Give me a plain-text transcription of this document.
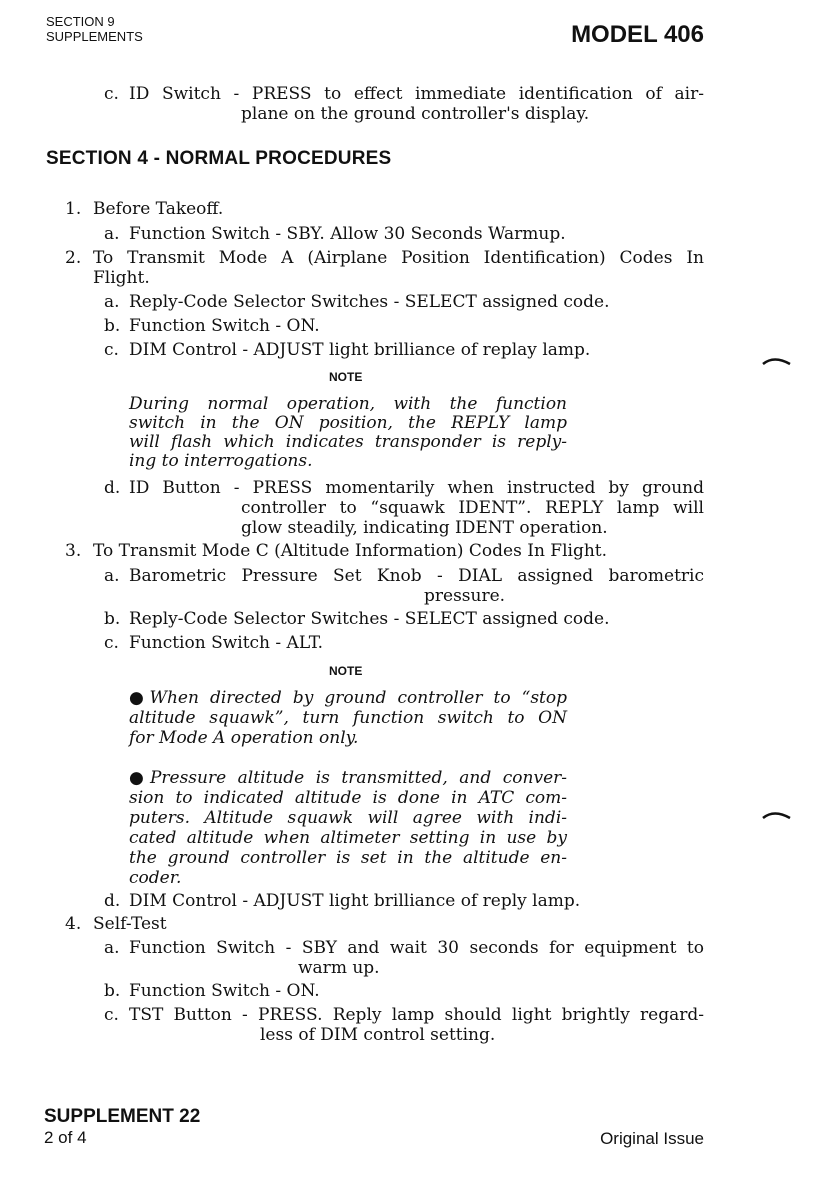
SECTION 9
SUPPLEMENTS	MODEL 406
c. ID Switch - PRESS to effect immediate identification of air-
plane on the ground controller's display.
SECTION 4 - NORMAL PROCEDURES
1. Before Takeoff.
a. Function Switch - SBY. Allow 30 Seconds Warmup.
2. To Transmit Mode A (Airplane Position Identification) Codes In
Flight.
a. Reply-Code Selector Switches - SELECT assigned code.
b. Function Switch - ON.
c. DIM Control - ADJUST light brilliance of replay lamp.
NOTE
During normal operation, with the function
switch in the ON position, the REPLY lamp
will flash which indicates transponder is reply-
ing to interrogations.
d. ID Button - PRESS momentarily when instructed by ground
controller to “squawk IDENT”. REPLY lamp will
glow steadily, indicating IDENT operation.
3. To Transmit Mode C (Altitude Information) Codes In Flight.
a. Barometric Pressure Set Knob - DIAL assigned barometric
pressure.
b. Reply-Code Selector Switches - SELECT assigned code.
c. Function Switch - ALT.
NOTE
●When directed by ground controller to “stop
altitude squawk”, turn function switch to ON
for Mode A operation only.
●Pressure altitude is transmitted, and conver-
sion to indicated altitude is done in ATC com-
puters. Altitude squawk will agree with indi-
cated altitude when altimeter setting in use by
the ground controller is set in the altitude en-
coder.
d. DIM Control - ADJUST light brilliance of reply lamp.
4. Self-Test
a. Function Switch - SBY and wait 30 seconds for equipment to
warm up.
b. Function Switch - ON.
c. TST Button - PRESS. Reply lamp should light brightly regard-
less of DIM control setting.
SUPPLEMENT 22
2 of 4	Original Issue
